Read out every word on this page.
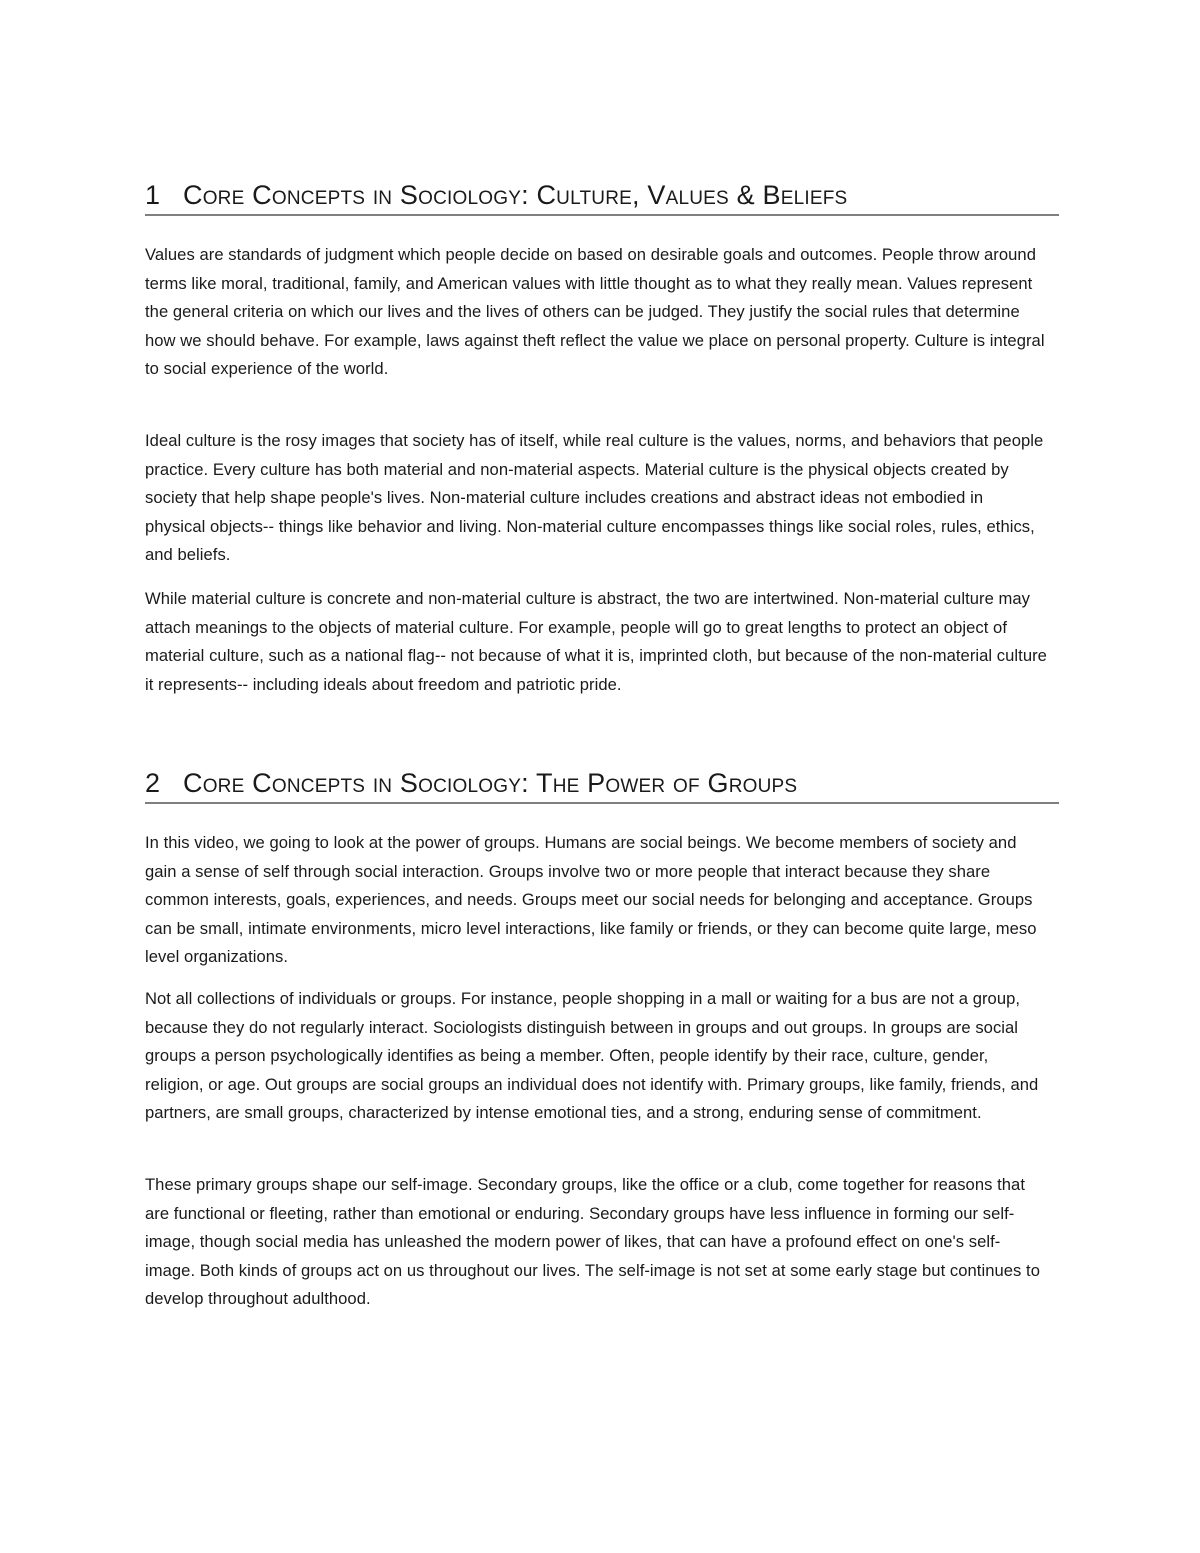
1 Core Concepts in Sociology: Culture, Values & Beliefs

Values are standards of judgment which people decide on based on desirable goals and outcomes. People throw around terms like moral, traditional, family, and American values with little thought as to what they really mean. Values represent the general criteria on which our lives and the lives of others can be judged. They justify the social rules that determine how we should behave. For example, laws against theft reflect the value we place on personal property. Culture is integral to social experience of the world.

Ideal culture is the rosy images that society has of itself, while real culture is the values, norms, and behaviors that people practice. Every culture has both material and non-material aspects. Material culture is the physical objects created by society that help shape people's lives. Non-material culture includes creations and abstract ideas not embodied in physical objects-- things like behavior and living. Non-material culture encompasses things like social roles, rules, ethics, and beliefs.

While material culture is concrete and non-material culture is abstract, the two are intertwined. Non-material culture may attach meanings to the objects of material culture. For example, people will go to great lengths to protect an object of material culture, such as a national flag-- not because of what it is, imprinted cloth, but because of the non-material culture it represents-- including ideals about freedom and patriotic pride.

2 Core Concepts in Sociology: The Power of Groups

In this video, we going to look at the power of groups. Humans are social beings. We become members of society and gain a sense of self through social interaction. Groups involve two or more people that interact because they share common interests, goals, experiences, and needs. Groups meet our social needs for belonging and acceptance. Groups can be small, intimate environments, micro level interactions, like family or friends, or they can become quite large, meso level organizations.

Not all collections of individuals or groups. For instance, people shopping in a mall or waiting for a bus are not a group, because they do not regularly interact. Sociologists distinguish between in groups and out groups. In groups are social groups a person psychologically identifies as being a member. Often, people identify by their race, culture, gender, religion, or age. Out groups are social groups an individual does not identify with. Primary groups, like family, friends, and partners, are small groups, characterized by intense emotional ties, and a strong, enduring sense of commitment.

These primary groups shape our self-image. Secondary groups, like the office or a club, come together for reasons that are functional or fleeting, rather than emotional or enduring. Secondary groups have less influence in forming our self-image, though social media has unleashed the modern power of likes, that can have a profound effect on one's self-image. Both kinds of groups act on us throughout our lives. The self-image is not set at some early stage but continues to develop throughout adulthood.
